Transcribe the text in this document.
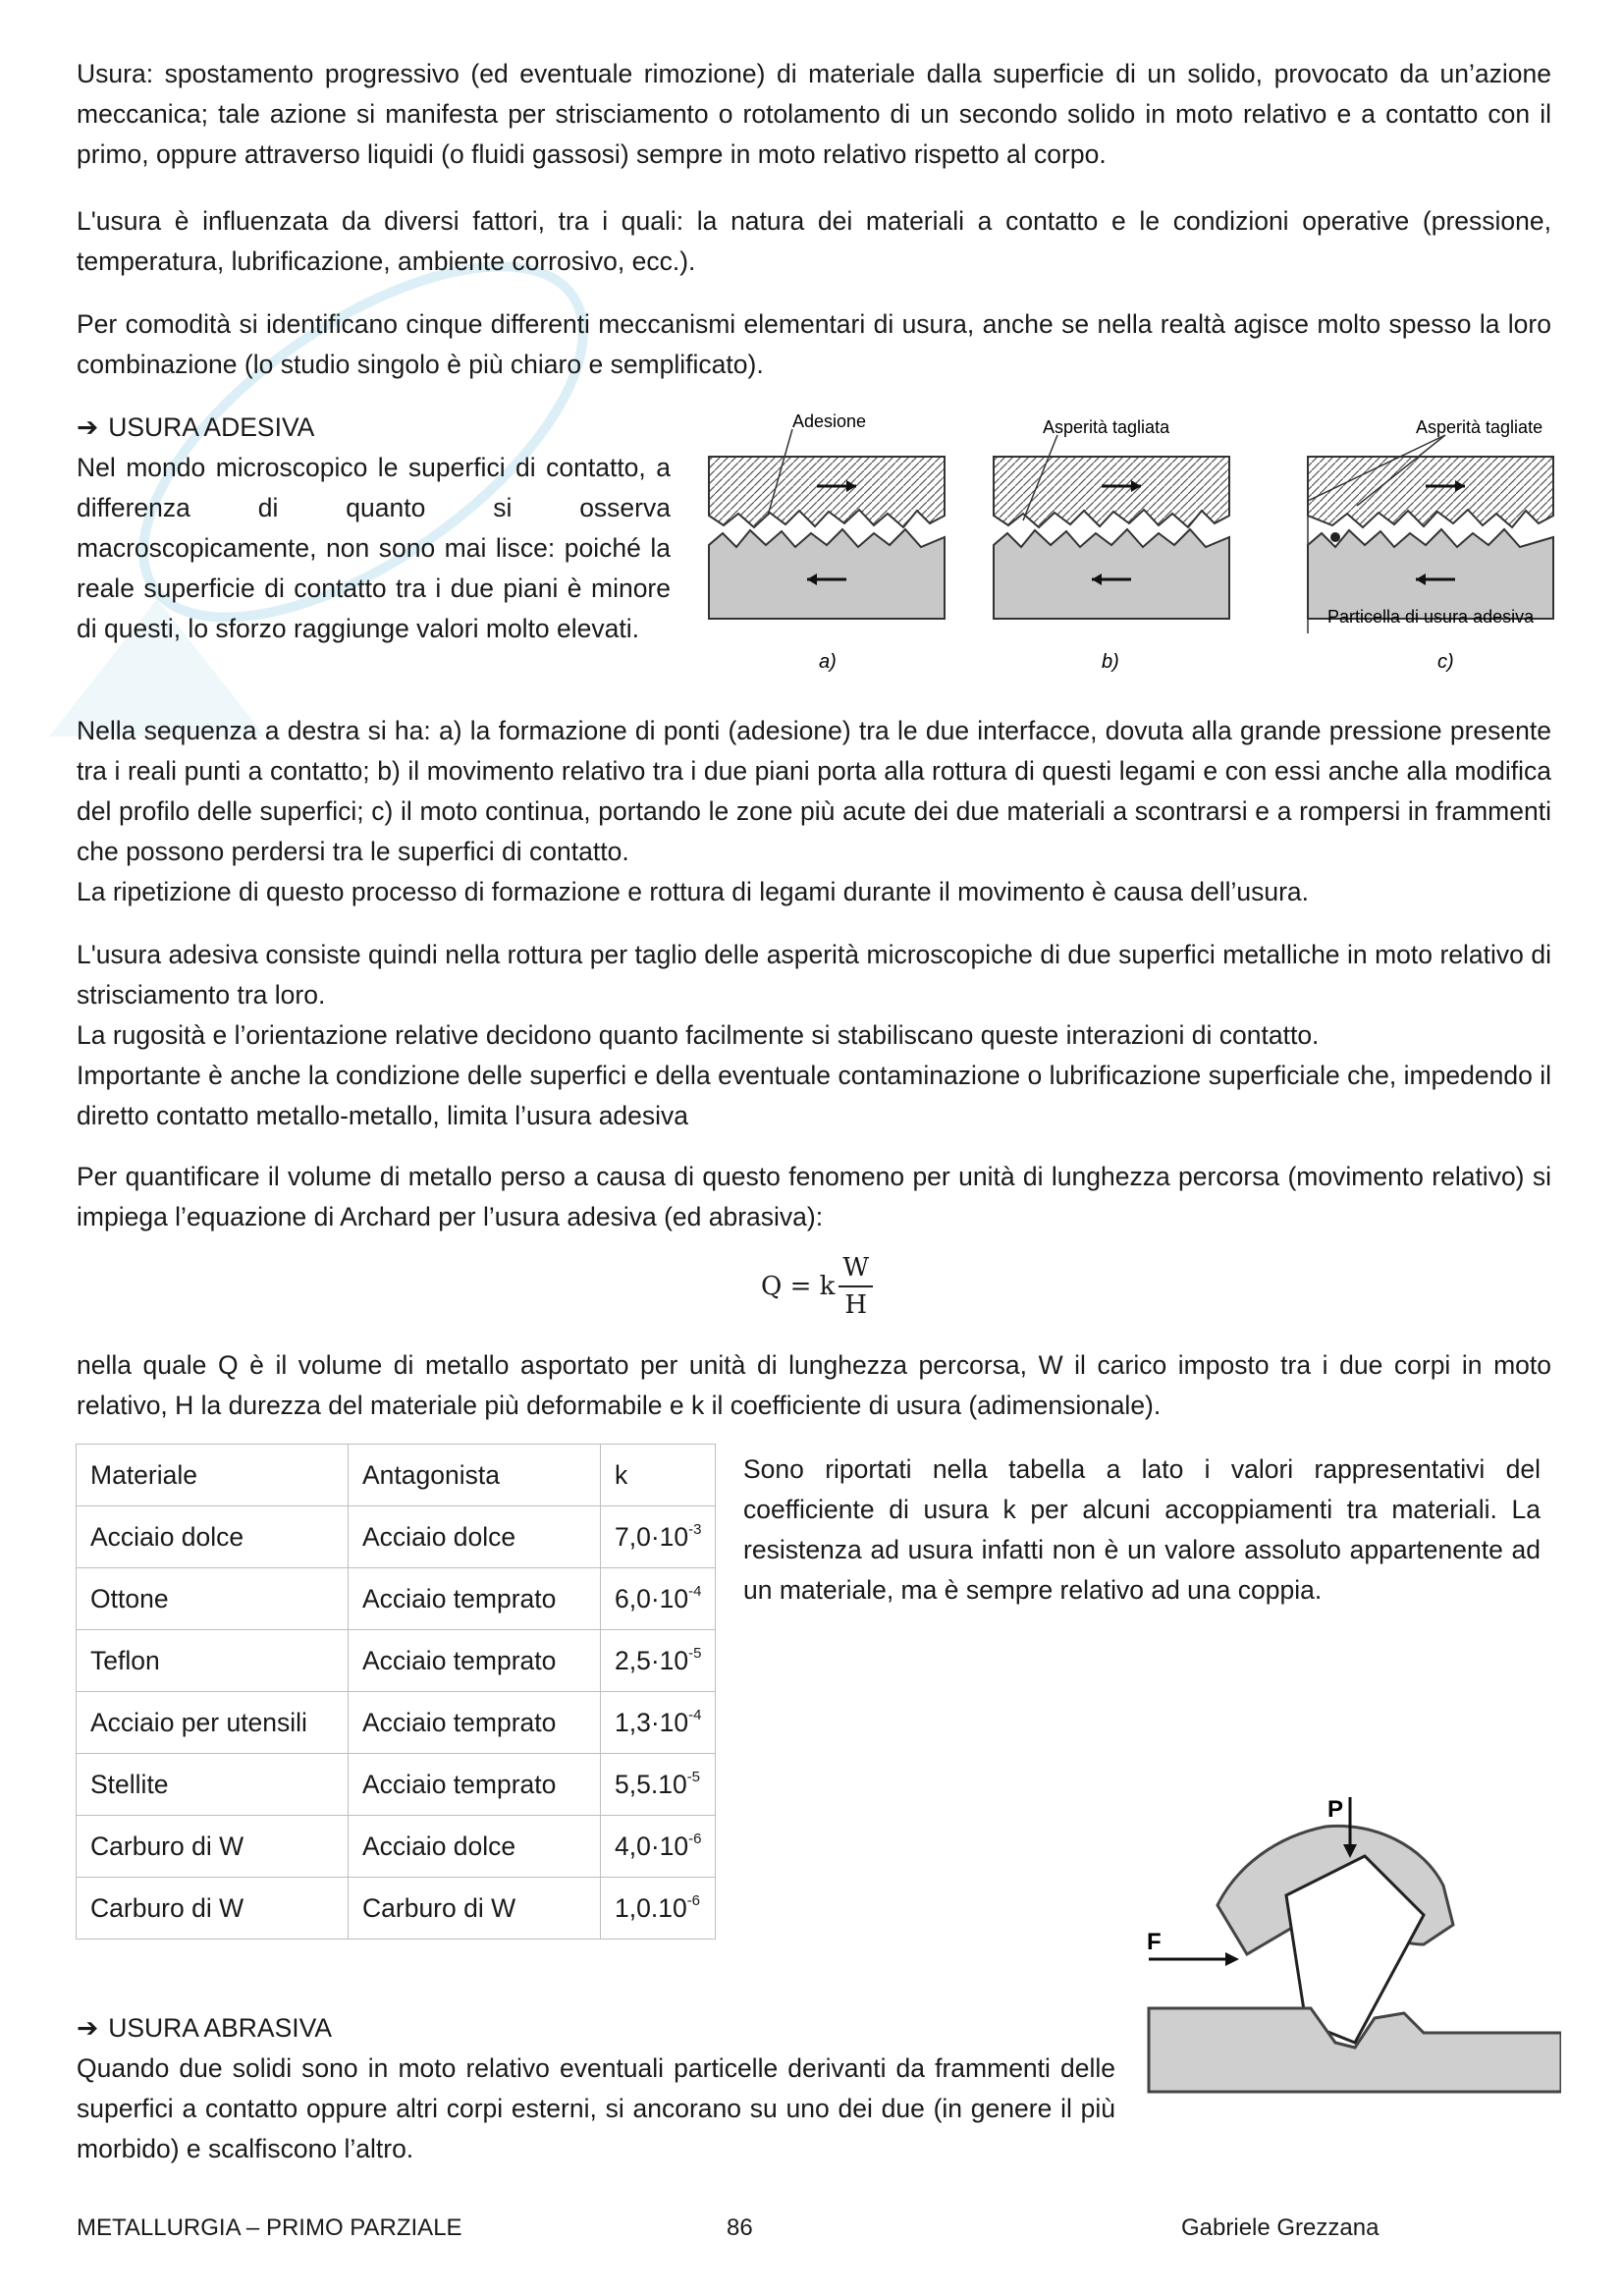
Usura: spostamento progressivo (ed eventuale rimozione) di materiale dalla superficie di un solido, provocato da un’azione meccanica; tale azione si manifesta per strisciamento o rotolamento di un secondo solido in moto relativo e a contatto con il primo, oppure attraverso liquidi (o fluidi gassosi) sempre in moto relativo rispetto al corpo.

L'usura è influenzata da diversi fattori, tra i quali: la natura dei materiali a contatto e le condizioni operative (pressione, temperatura, lubrificazione, ambiente corrosivo, ecc.).

Per comodità si identificano cinque differenti meccanismi elementari di usura, anche se nella realtà agisce molto spesso la loro combinazione (lo studio singolo è più chiaro e semplificato).

➔ USURA ADESIVA

Nel mondo microscopico le superfici di contatto, a differenza di quanto si osserva macroscopicamente, non sono mai lisce: poiché la reale superficie di contatto tra i due piani è minore di questi, lo sforzo raggiunge valori molto elevati.

Adesione
a)
Asperità tagliata
b)
Asperità tagliate
Particella di usura adesiva
c)

Nella sequenza a destra si ha: a) la formazione di ponti (adesione) tra le due interfacce, dovuta alla grande pressione presente tra i reali punti a contatto; b) il movimento relativo tra i due piani porta alla rottura di questi legami e con essi anche alla modifica del profilo delle superfici; c) il moto continua, portando le zone più acute dei due materiali a scontrarsi e a rompersi in frammenti che possono perdersi tra le superfici di contatto.

La ripetizione di questo processo di formazione e rottura di legami durante il movimento è causa dell’usura.

L'usura adesiva consiste quindi nella rottura per taglio delle asperità microscopiche di due superfici metalliche in moto relativo di strisciamento tra loro.

La rugosità e l’orientazione relative decidono quanto facilmente si stabiliscano queste interazioni di contatto.

Importante è anche la condizione delle superfici e della eventuale contaminazione o lubrificazione superficiale che, impedendo il diretto contatto metallo-metallo, limita l’usura adesiva

Per quantificare il volume di metallo perso a causa di questo fenomeno per unità di lunghezza percorsa (movimento relativo) si impiega l’equazione di Archard per l’usura adesiva (ed abrasiva):

Q = k $\frac{W}{H}$

nella quale Q è il volume di metallo asportato per unità di lunghezza percorsa, W il carico imposto tra i due corpi in moto relativo, H la durezza del materiale più deformabile e k il coefficiente di usura (adimensionale).

Materiale	Antagonista	k
Acciaio dolce	Acciaio dolce	$7,0\cdot 10^{-3}$
Ottone	Acciaio temprato	$6,0\cdot 10^{-4}$
Teflon	Acciaio temprato	$2,5\cdot 10^{-5}$
Acciaio per utensili	Acciaio temprato	$1,3\cdot 10^{-4}$
Stellite	Acciaio temprato	$5,5.10^{-5}$
Carburo di W	Acciaio dolce	$4,0\cdot 10^{-6}$
Carburo di W	Carburo di W	$1,0.10^{-6}$

Sono riportati nella tabella a lato i valori rappresentativi del coefficiente di usura k per alcuni accoppiamenti tra materiali. La resistenza ad usura infatti non è un valore assoluto appartenente ad un materiale, ma è sempre relativo ad una coppia.

P
F
➔ USURA ABRASIVA

Quando due solidi sono in moto relativo eventuali particelle derivanti da frammenti delle superfici a contatto oppure altri corpi esterni, si ancorano su uno dei due (in genere il più morbido) e scalfiscono l’altro.

METALLURGIA – PRIMO PARZIALE	86	Gabriele Grezzana
